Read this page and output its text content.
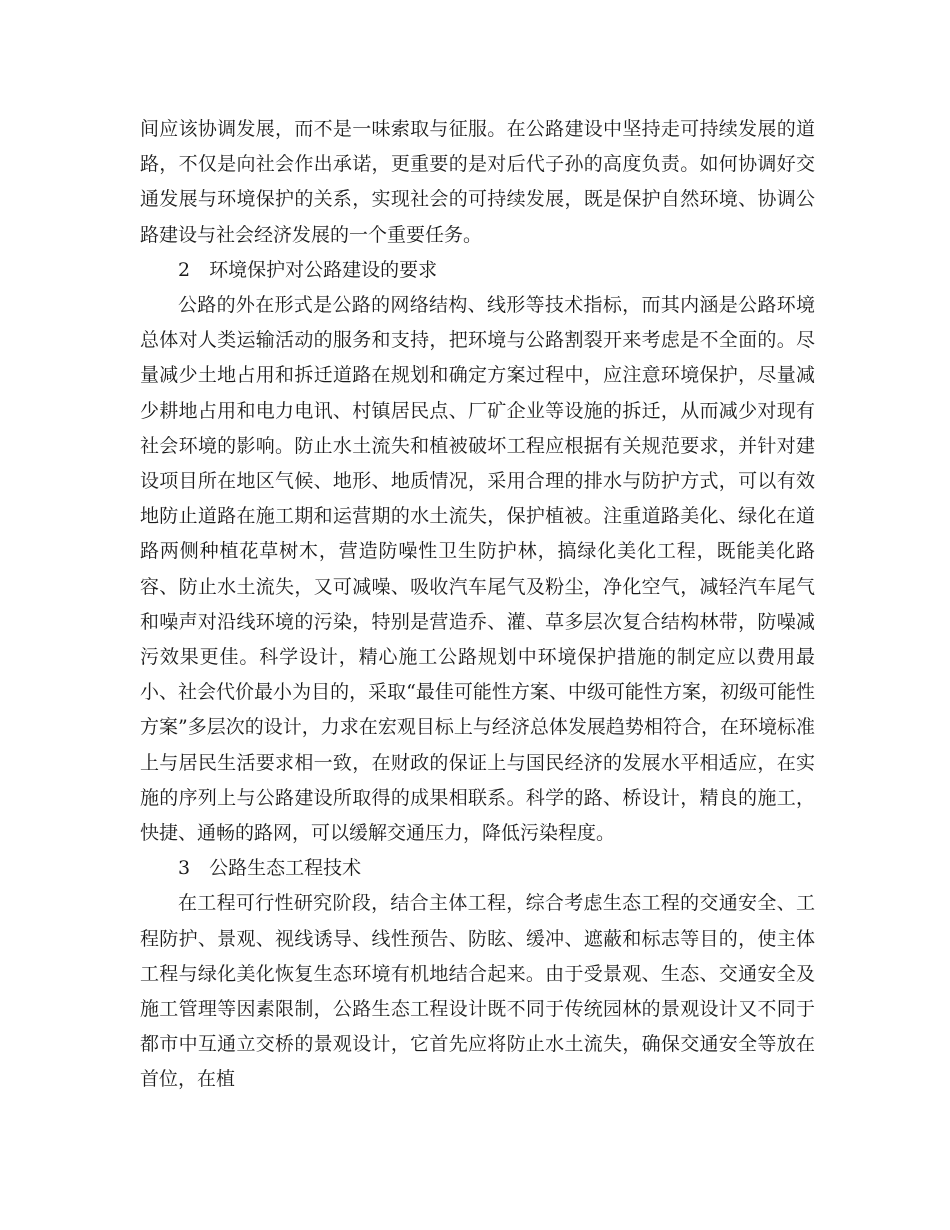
间应该协调发展，而不是一味索取与征服。在公路建设中坚持走可持续发展的道路，不仅是向社会作出承诺，更重要的是对后代子孙的高度负责。如何协调好交通发展与环境保护的关系，实现社会的可持续发展，既是保护自然环境、协调公路建设与社会经济发展的一个重要任务。

2　环境保护对公路建设的要求

公路的外在形式是公路的网络结构、线形等技术指标，而其内涵是公路环境总体对人类运输活动的服务和支持，把环境与公路割裂开来考虑是不全面的。尽量减少土地占用和拆迁道路在规划和确定方案过程中，应注意环境保护，尽量减少耕地占用和电力电讯、村镇居民点、厂矿企业等设施的拆迁，从而减少对现有社会环境的影响。防止水土流失和植被破坏工程应根据有关规范要求，并针对建设项目所在地区气候、地形、地质情况，采用合理的排水与防护方式，可以有效地防止道路在施工期和运营期的水土流失，保护植被。注重道路美化、绿化在道路两侧种植花草树木，营造防噪性卫生防护林，搞绿化美化工程，既能美化路容、防止水土流失，又可减噪、吸收汽车尾气及粉尘，净化空气，减轻汽车尾气和噪声对沿线环境的污染，特别是营造乔、灌、草多层次复合结构林带，防噪减污效果更佳。科学设计，精心施工公路规划中环境保护措施的制定应以费用最小、社会代价最小为目的，采取“最佳可能性方案、中级可能性方案，初级可能性方案”多层次的设计，力求在宏观目标上与经济总体发展趋势相符合，在环境标准上与居民生活要求相一致，在财政的保证上与国民经济的发展水平相适应，在实施的序列上与公路建设所取得的成果相联系。科学的路、桥设计，精良的施工，快捷、通畅的路网，可以缓解交通压力，降低污染程度。

3　公路生态工程技术

在工程可行性研究阶段，结合主体工程，综合考虑生态工程的交通安全、工程防护、景观、视线诱导、线性预告、防眩、缓冲、遮蔽和标志等目的，使主体工程与绿化美化恢复生态环境有机地结合起来。由于受景观、生态、交通安全及施工管理等因素限制，公路生态工程设计既不同于传统园林的景观设计又不同于都市中互通立交桥的景观设计，它首先应将防止水土流失，确保交通安全等放在首位，在植
